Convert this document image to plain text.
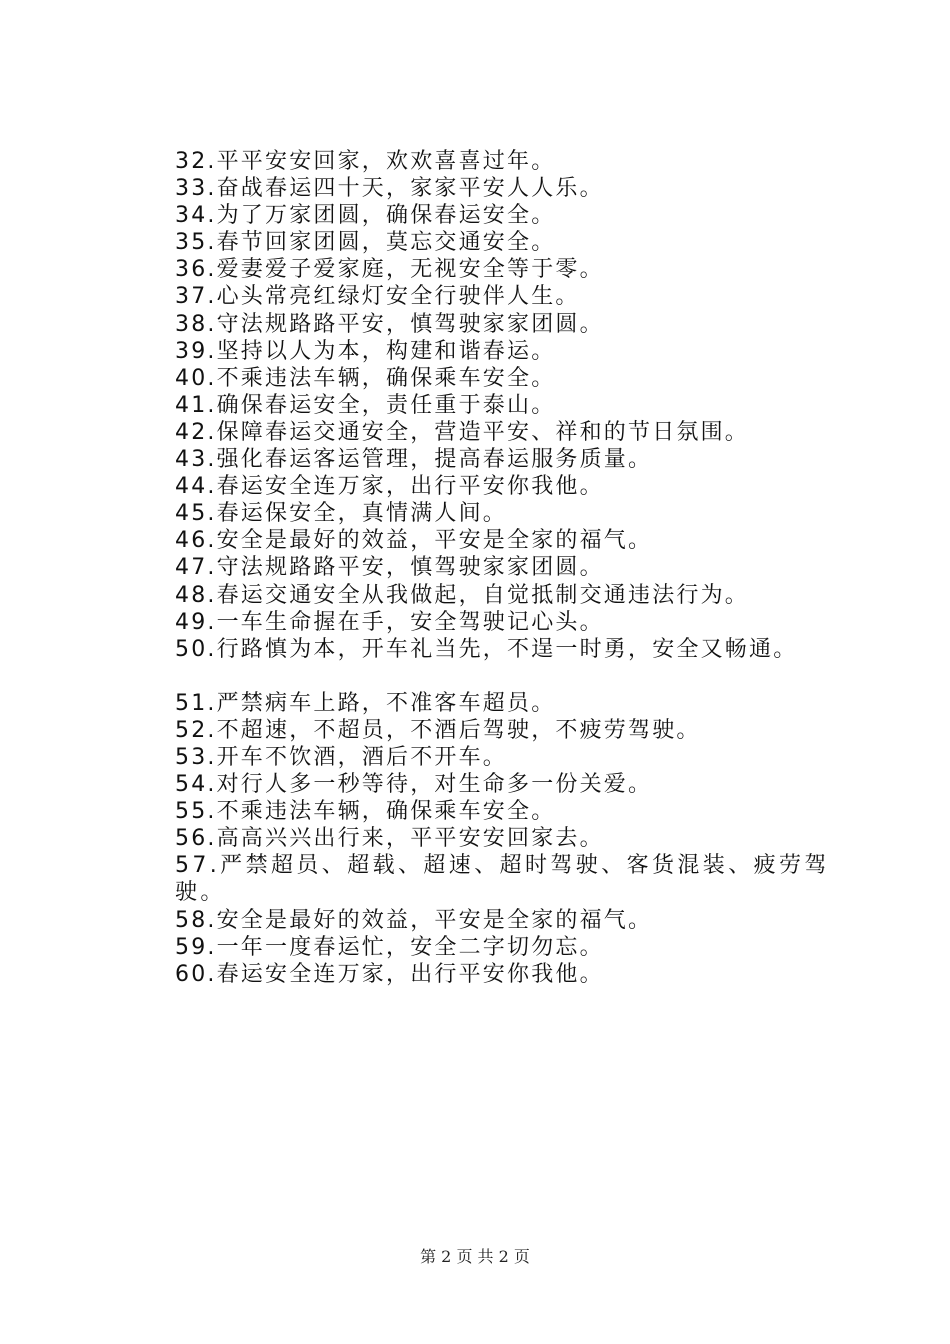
32.平平安安回家，欢欢喜喜过年。
33.奋战春运四十天，家家平安人人乐。
34.为了万家团圆，确保春运安全。
35.春节回家团圆，莫忘交通安全。
36.爱妻爱子爱家庭，无视安全等于零。
37.心头常亮红绿灯安全行驶伴人生。
38.守法规路路平安，慎驾驶家家团圆。
39.坚持以人为本，构建和谐春运。
40.不乘违法车辆，确保乘车安全。
41.确保春运安全，责任重于泰山。
42.保障春运交通安全，营造平安、祥和的节日氛围。
43.强化春运客运管理，提高春运服务质量。
44.春运安全连万家，出行平安你我他。
45.春运保安全，真情满人间。
46.安全是最好的效益，平安是全家的福气。
47.守法规路路平安，慎驾驶家家团圆。
48.春运交通安全从我做起，自觉抵制交通违法行为。
49.一车生命握在手，安全驾驶记心头。
50.行路慎为本，开车礼当先，不逞一时勇，安全又畅通。
51.严禁病车上路，不准客车超员。
52.不超速，不超员，不酒后驾驶，不疲劳驾驶。
53.开车不饮酒，酒后不开车。
54.对行人多一秒等待，对生命多一份关爱。
55.不乘违法车辆，确保乘车安全。
56.高高兴兴出行来，平平安安回家去。
57.严禁超员、超载、超速、超时驾驶、客货混装、疲劳驾驶。
58.安全是最好的效益，平安是全家的福气。
59.一年一度春运忙，安全二字切勿忘。
60.春运安全连万家，出行平安你我他。
第 2 页 共 2 页
